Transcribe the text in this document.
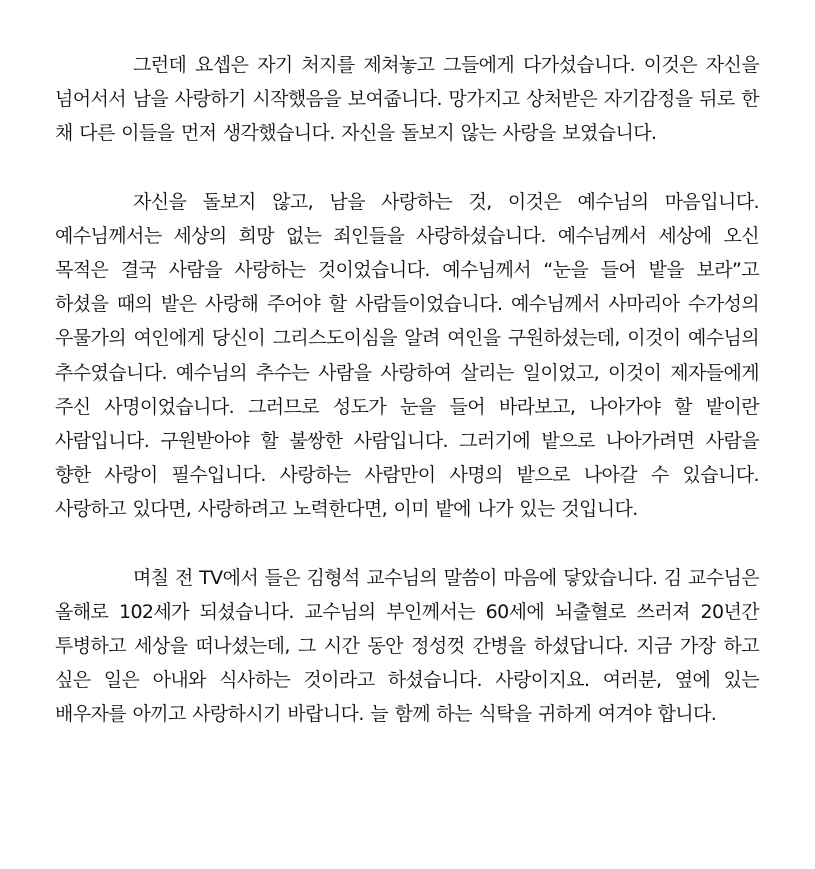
그런데 요셉은 자기 처지를 제쳐놓고 그들에게 다가섰습니다. 이것은 자신을 넘어서서 남을 사랑하기 시작했음을 보여줍니다. 망가지고 상처받은 자기감정을 뒤로 한 채 다른 이들을 먼저 생각했습니다. 자신을 돌보지 않는 사랑을 보였습니다.

자신을 돌보지 않고, 남을 사랑하는 것, 이것은 예수님의 마음입니다. 예수님께서는 세상의 희망 없는 죄인들을 사랑하셨습니다. 예수님께서 세상에 오신 목적은 결국 사람을 사랑하는 것이었습니다. 예수님께서 “눈을 들어 밭을 보라”고 하셨을 때의 밭은 사랑해 주어야 할 사람들이었습니다. 예수님께서 사마리아 수가성의 우물가의 여인에게 당신이 그리스도이심을 알려 여인을 구원하셨는데, 이것이 예수님의 추수였습니다. 예수님의 추수는 사람을 사랑하여 살리는 일이었고, 이것이 제자들에게 주신 사명이었습니다. 그러므로 성도가 눈을 들어 바라보고, 나아가야 할 밭이란 사람입니다. 구원받아야 할 불쌍한 사람입니다. 그러기에 밭으로 나아가려면 사람을 향한 사랑이 필수입니다. 사랑하는 사람만이 사명의 밭으로 나아갈 수 있습니다. 사랑하고 있다면, 사랑하려고 노력한다면, 이미 밭에 나가 있는 것입니다.

며칠 전 TV에서 들은 김형석 교수님의 말씀이 마음에 닿았습니다. 김 교수님은 올해로 102세가 되셨습니다. 교수님의 부인께서는 60세에 뇌출혈로 쓰러져 20년간 투병하고 세상을 떠나셨는데, 그 시간 동안 정성껏 간병을 하셨답니다. 지금 가장 하고 싶은 일은 아내와 식사하는 것이라고 하셨습니다. 사랑이지요. 여러분, 옆에 있는 배우자를 아끼고 사랑하시기 바랍니다. 늘 함께 하는 식탁을 귀하게 여겨야 합니다.
